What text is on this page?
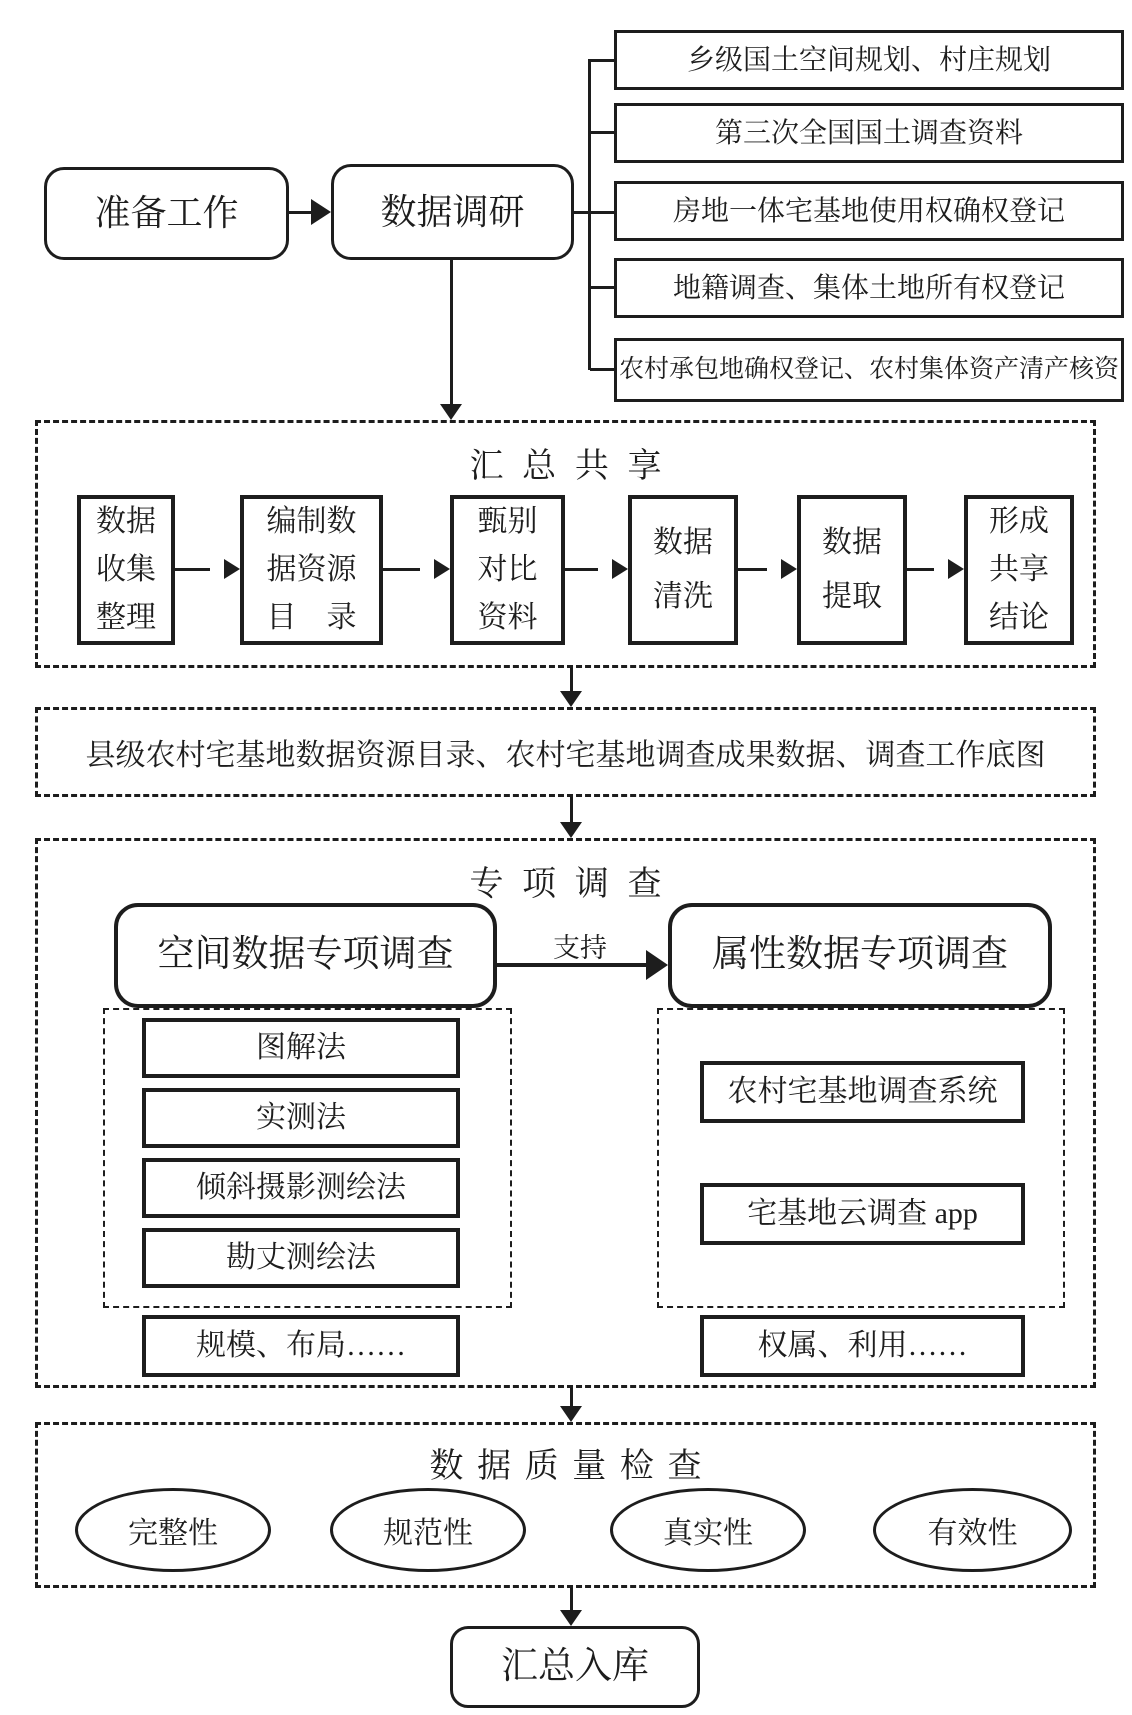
准备工作	数据调研
乡级国土空间规划、村庄规划
第三次全国国土调查资料
房地一体宅基地使用权确权登记
地籍调查、集体土地所有权登记
农村承包地确权登记、农村集体资产清产核资
汇总共享
数据
收集
整理
编制数
据资源
目　录
甄别
对比
资料
数据
清洗
数据
提取
形成
共享
结论
县级农村宅基地数据资源目录、农村宅基地调查成果数据、调查工作底图
专项调查
空间数据专项调查	属性数据专项调查
支持
图解法
实测法
倾斜摄影测绘法
勘丈测绘法
规模、布局……
农村宅基地调查系统
宅基地云调查 app
权属、利用……
数据质量检查
完整性	规范性	真实性	有效性
汇总入库
